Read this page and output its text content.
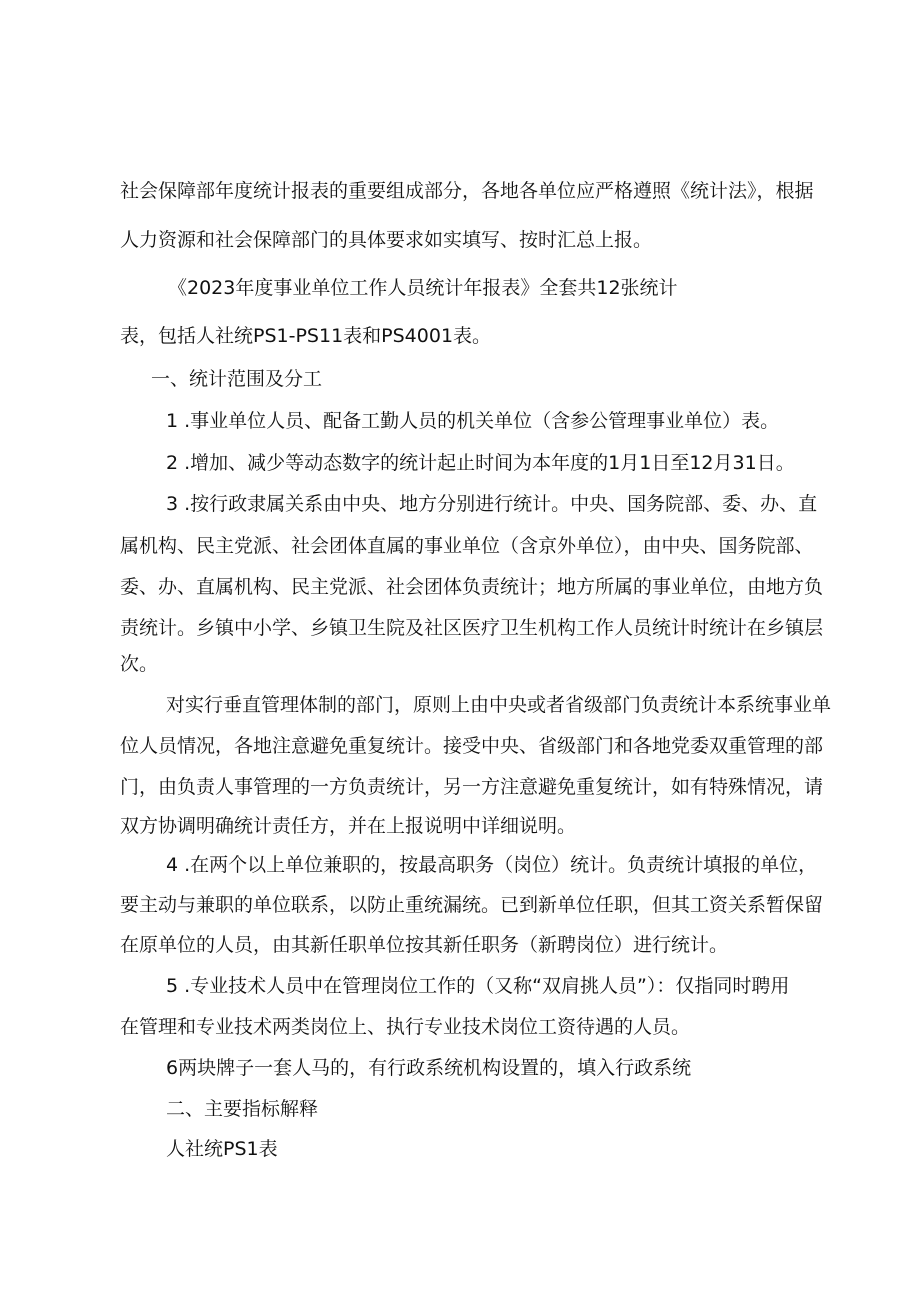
社会保障部年度统计报表的重要组成部分，各地各单位应严格遵照《统计法》，根据
人力资源和社会保障部门的具体要求如实填写、按时汇总上报。
《2023年度事业单位工作人员统计年报表》全套共12张统计
表，包括人社统PS1-PS11表和PS4001表。
一、统计范围及分工
1 .事业单位人员、配备工勤人员的机关单位（含参公管理事业单位）表。
2 .增加、减少等动态数字的统计起止时间为本年度的1月1日至12月31日。
3 .按行政隶属关系由中央、地方分别进行统计。中央、国务院部、委、办、直
属机构、民主党派、社会团体直属的事业单位（含京外单位），由中央、国务院部、
委、办、直属机构、民主党派、社会团体负责统计；地方所属的事业单位，由地方负
责统计。乡镇中小学、乡镇卫生院及社区医疗卫生机构工作人员统计时统计在乡镇层
次。
对实行垂直管理体制的部门，原则上由中央或者省级部门负责统计本系统事业单
位人员情况，各地注意避免重复统计。接受中央、省级部门和各地党委双重管理的部
门，由负责人事管理的一方负责统计，另一方注意避免重复统计，如有特殊情况，请
双方协调明确统计责任方，并在上报说明中详细说明。
4 .在两个以上单位兼职的，按最高职务（岗位）统计。负责统计填报的单位，
要主动与兼职的单位联系，以防止重统漏统。已到新单位任职，但其工资关系暂保留
在原单位的人员，由其新任职单位按其新任职务（新聘岗位）进行统计。
5 .专业技术人员中在管理岗位工作的（又称“双肩挑人员”）：仅指同时聘用
在管理和专业技术两类岗位上、执行专业技术岗位工资待遇的人员。
6两块牌子一套人马的，有行政系统机构设置的，填入行政系统
二、主要指标解释
人社统PS1表
